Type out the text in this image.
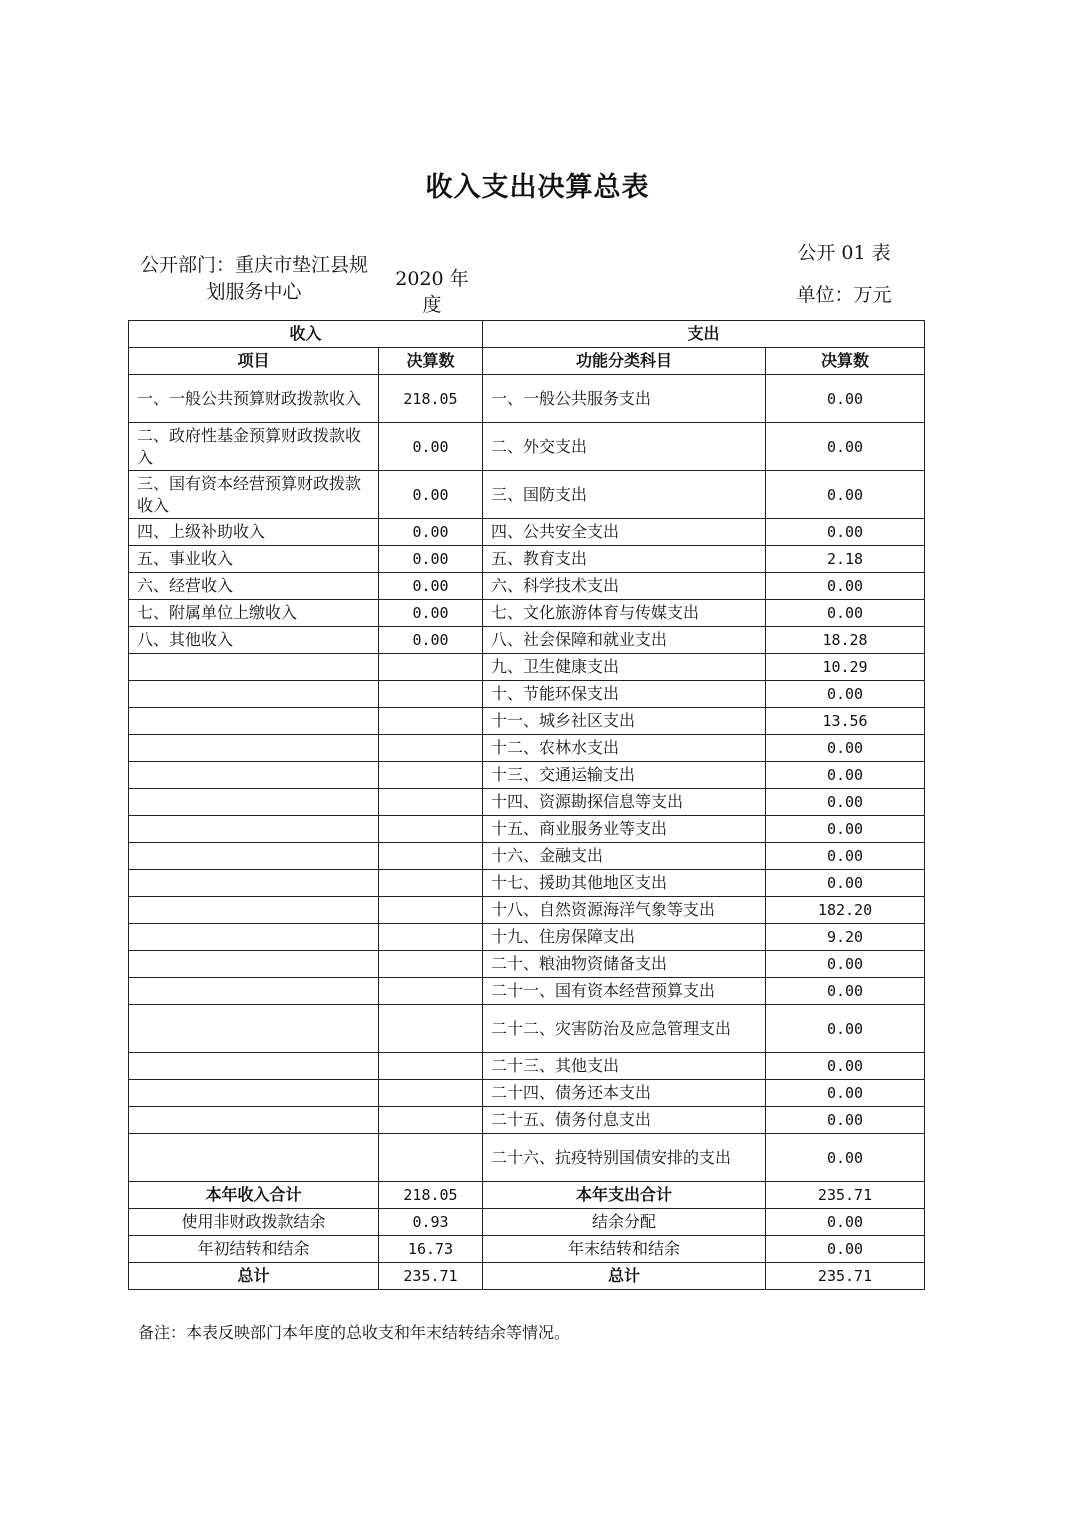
收入支出决算总表
公开部门：重庆市垫江县规划服务中心
2020 年度
公开 01 表
单位：万元
收入		支出	
项目	决算数	功能分类科目	决算数
一、一般公共预算财政拨款收入	218.05	一、一般公共服务支出	0.00
二、政府性基金预算财政拨款收入	0.00	二、外交支出	0.00
三、国有资本经营预算财政拨款收入	0.00	三、国防支出	0.00
四、上级补助收入	0.00	四、公共安全支出	0.00
五、事业收入	0.00	五、教育支出	2.18
六、经营收入	0.00	六、科学技术支出	0.00
七、附属单位上缴收入	0.00	七、文化旅游体育与传媒支出	0.00
八、其他收入	0.00	八、社会保障和就业支出	18.28
		九、卫生健康支出	10.29
		十、节能环保支出	0.00
		十一、城乡社区支出	13.56
		十二、农林水支出	0.00
		十三、交通运输支出	0.00
		十四、资源勘探信息等支出	0.00
		十五、商业服务业等支出	0.00
		十六、金融支出	0.00
		十七、援助其他地区支出	0.00
		十八、自然资源海洋气象等支出	182.20
		十九、住房保障支出	9.20
		二十、粮油物资储备支出	0.00
		二十一、国有资本经营预算支出	0.00
		二十二、灾害防治及应急管理支出	0.00
		二十三、其他支出	0.00
		二十四、债务还本支出	0.00
		二十五、债务付息支出	0.00
		二十六、抗疫特别国债安排的支出	0.00
本年收入合计	218.05	本年支出合计	235.71
使用非财政拨款结余	0.93	结余分配	0.00
年初结转和结余	16.73	年末结转和结余	0.00
总计	235.71	总计	235.71
备注：本表反映部门本年度的总收支和年末结转结余等情况。
